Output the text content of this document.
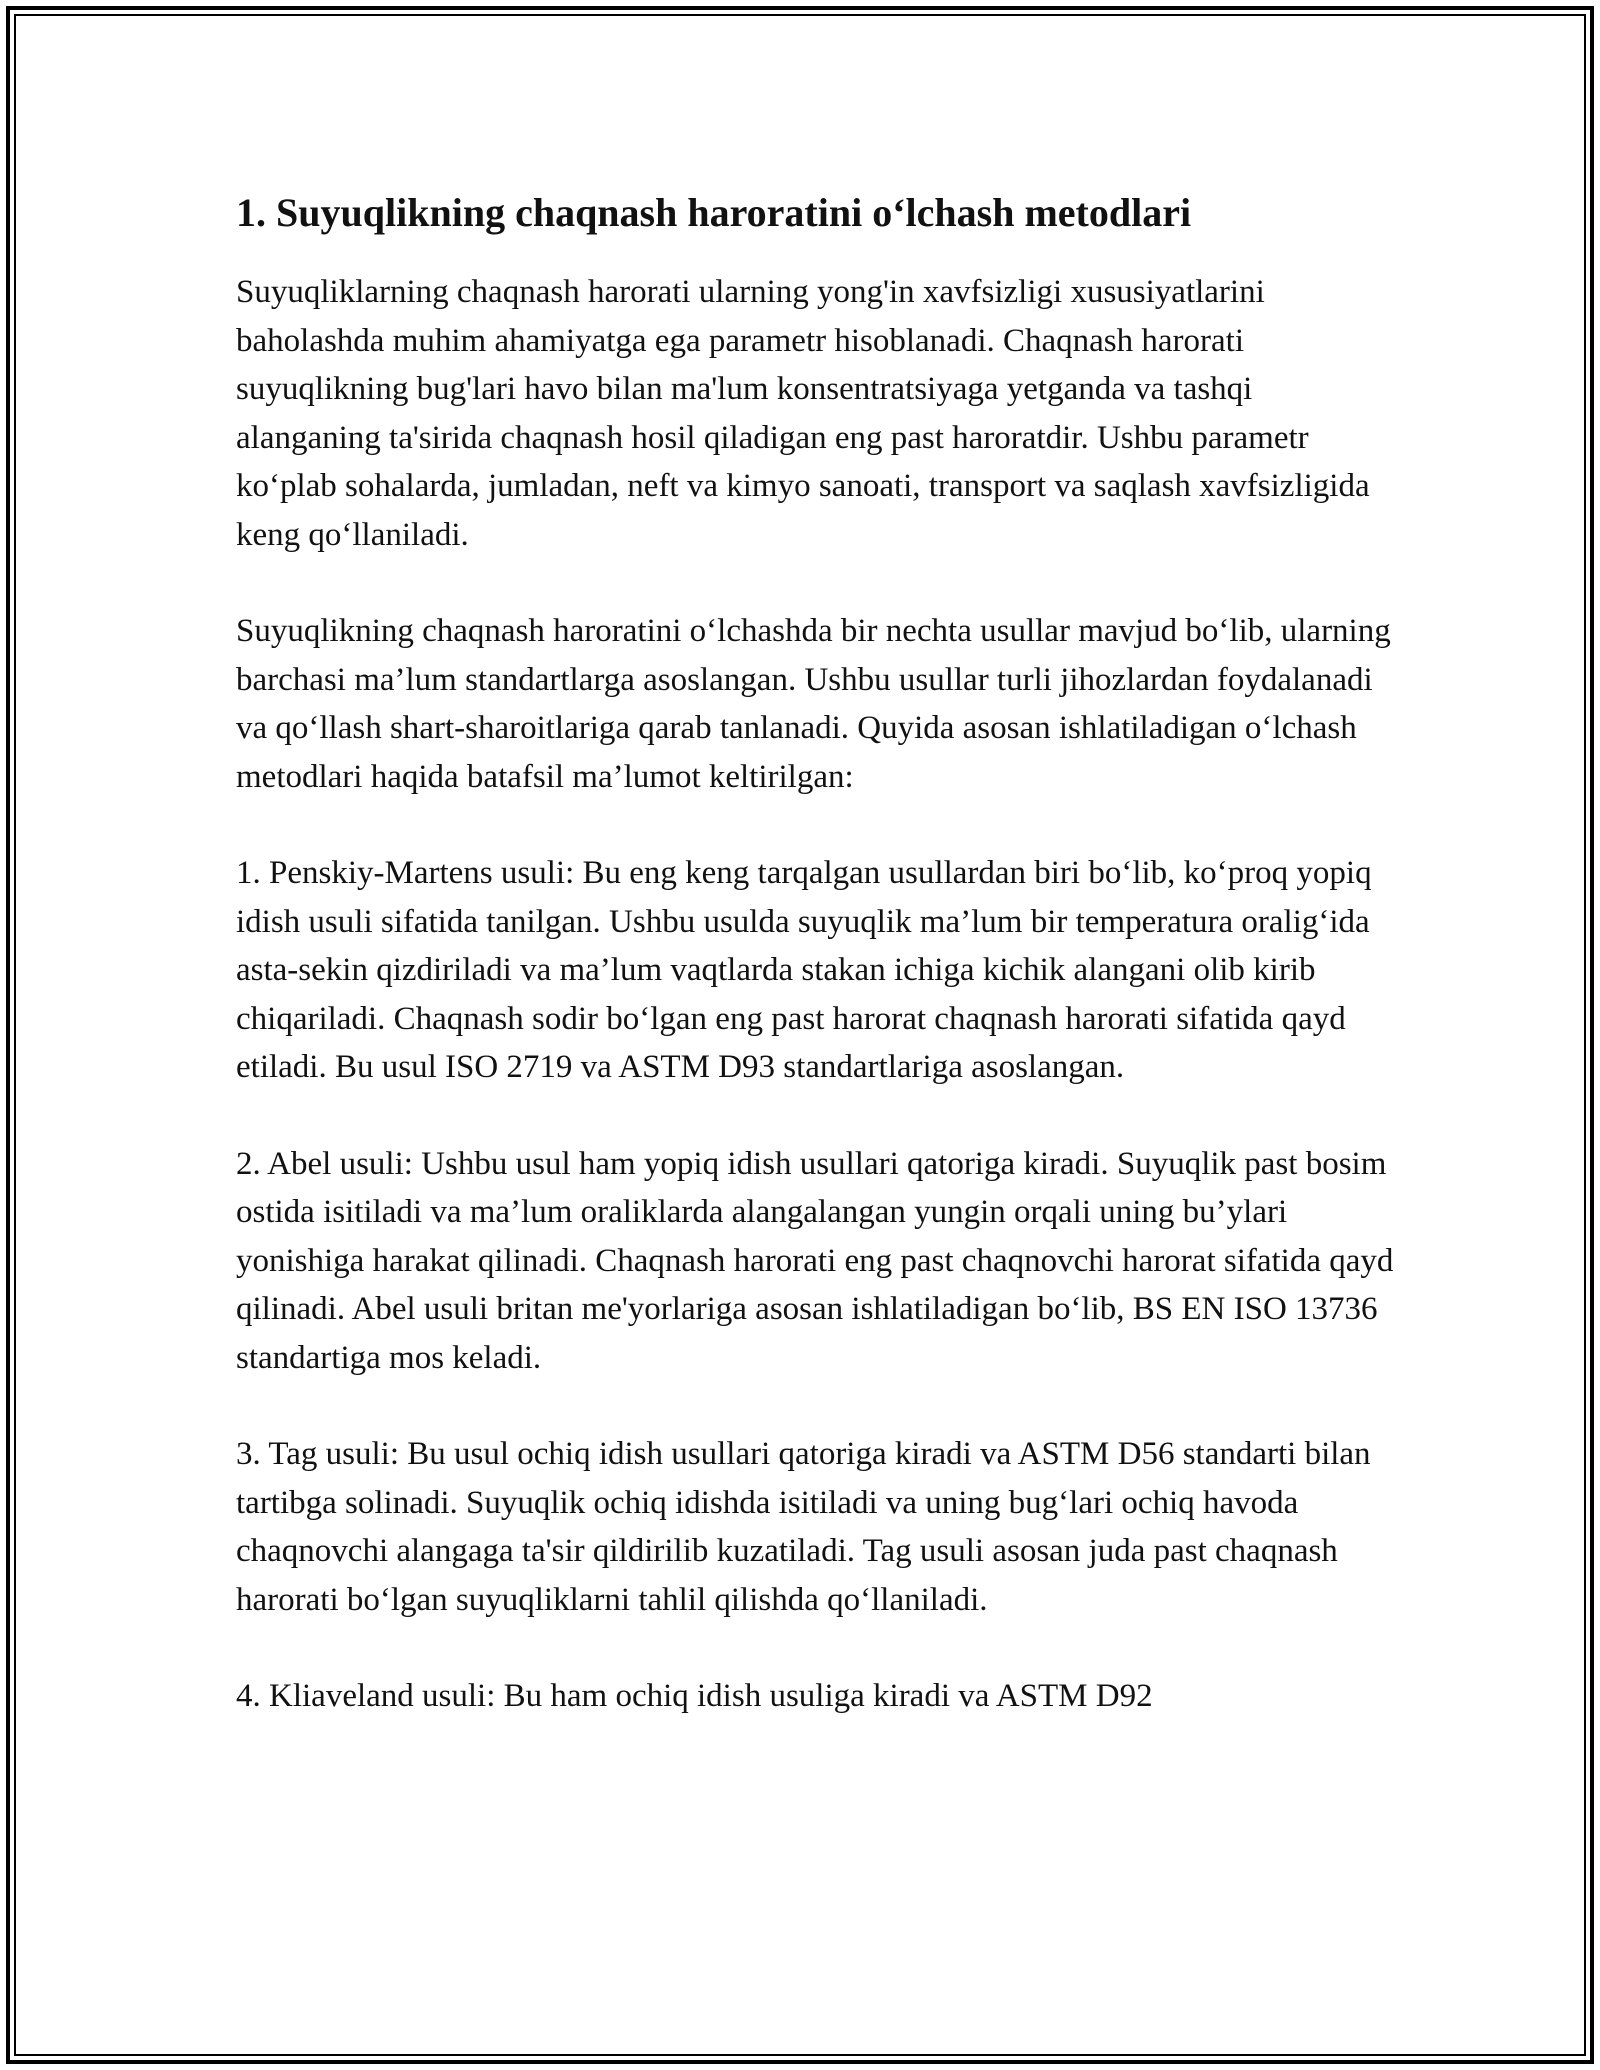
1. Suyuqlikning chaqnash haroratini o‘lchash metodlari

Suyuqliklarning chaqnash harorati ularning yong'in xavfsizligi xususiyatlarini baholashda muhim ahamiyatga ega parametr hisoblanadi. Chaqnash harorati suyuqlikning bug'lari havo bilan ma'lum konsentratsiyaga yetganda va tashqi alanganing ta'sirida chaqnash hosil qiladigan eng past haroratdir. Ushbu parametr ko‘plab sohalarda, jumladan, neft va kimyo sanoati, transport va saqlash xavfsizligida keng qo‘llaniladi.

Suyuqlikning chaqnash haroratini o‘lchashda bir nechta usullar mavjud bo‘lib, ularning barchasi ma’lum standartlarga asoslangan. Ushbu usullar turli jihozlardan foydalanadi va qo‘llash shart-sharoitlariga qarab tanlanadi. Quyida asosan ishlatiladigan o‘lchash metodlari haqida batafsil ma’lumot keltirilgan:

1. Penskiy-Martens usuli: Bu eng keng tarqalgan usullardan biri bo‘lib, ko‘proq yopiq idish usuli sifatida tanilgan. Ushbu usulda suyuqlik ma’lum bir temperatura oralig‘ida asta-sekin qizdiriladi va ma’lum vaqtlarda stakan ichiga kichik alangani olib kirib chiqariladi. Chaqnash sodir bo‘lgan eng past harorat chaqnash harorati sifatida qayd etiladi. Bu usul ISO 2719 va ASTM D93 standartlariga asoslangan.

2. Abel usuli: Ushbu usul ham yopiq idish usullari qatoriga kiradi. Suyuqlik past bosim ostida isitiladi va ma’lum oraliklarda alangalangan yungin orqali uning bu’ylari yonishiga harakat qilinadi. Chaqnash harorati eng past chaqnovchi harorat sifatida qayd qilinadi. Abel usuli britan me'yorlariga asosan ishlatiladigan bo‘lib, BS EN ISO 13736 standartiga mos keladi.

3. Tag usuli: Bu usul ochiq idish usullari qatoriga kiradi va ASTM D56 standarti bilan tartibga solinadi. Suyuqlik ochiq idishda isitiladi va uning bug‘lari ochiq havoda chaqnovchi alangaga ta'sir qildirilib kuzatiladi. Tag usuli asosan juda past chaqnash harorati bo‘lgan suyuqliklarni tahlil qilishda qo‘llaniladi.

4. Kliaveland usuli: Bu ham ochiq idish usuliga kiradi va ASTM D92
